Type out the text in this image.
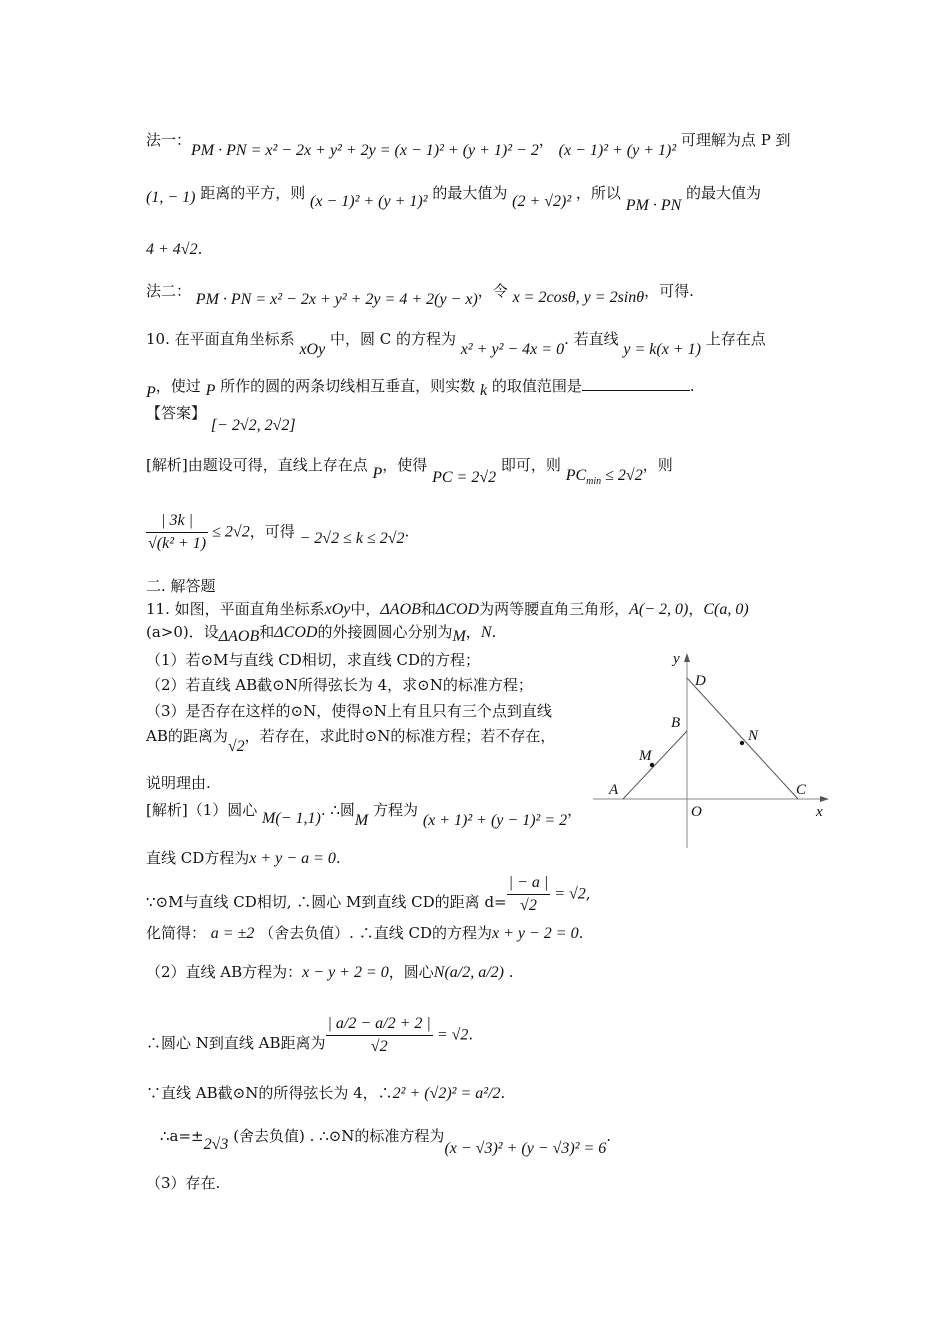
法一：PM · PN = x² − 2x + y² + 2y = (x − 1)² + (y + 1)² − 2， (x − 1)² + (y + 1)² 可理解为点 P 到
(1, − 1) 距离的平方，则 (x − 1)² + (y + 1)² 的最大值为 (2 + √2)² ，所以 PM · PN 的最大值为
4 + 4√2.
法二： PM · PN = x² − 2x + y² + 2y = 4 + 2(y − x)，令 x = 2cosθ, y = 2sinθ，可得.
10. 在平面直角坐标系 xOy 中，圆 C 的方程为 x² + y² − 4x = 0. 若直线 y = k(x + 1) 上存在点
P，使过 P 所作的圆的两条切线相互垂直，则实数 k 的取值范围是	.
【答案】 [− 2√2, 2√2]
[解析]由题设可得，直线上存在点 P，使得 PC = 2√2 即可，则 $PC_{min} \le 2√2$，则
$\frac{| 3k |}{\text{√(k² + 1)}} \le 2√2$，可得 − 2√2 ≤ k ≤ 2√2.
二. 解答题
11. 如图，平面直角坐标系xOy中，ΔAOB和ΔCOD为两等腰直角三角形，A(− 2, 0)，C(a, 0)
(a>0)．设ΔAOB和ΔCOD的外接圆圆心分别为M，N.
（1）若⊙M与直线 CD相切，求直线 CD的方程；
（2）若直线 AB截⊙N所得弦长为 4，求⊙N的标准方程；
（3）是否存在这样的⊙N，使得⊙N上有且只有三个点到直线
AB的距离为√2，若存在，求此时⊙N的标准方程；若不存在，
说明理由.
[解析]（1）圆心 M(− 1,1). ∴圆M 方程为 (x + 1)² + (y − 1)² = 2，
直线 CD方程为x + y − a = 0.
∵⊙M与直线 CD相切, ∴圆心 M到直线 CD的距离 $d= \frac{| - a |}{√2} = √2$,
化简得： a = ±2 （舍去负值）. ∴直线 CD的方程为x + y − 2 = 0.
（2）直线 AB方程为：x − y + 2 = 0，圆心N(a/2, a/2) .
∴圆心 N到直线 AB距离为 $\frac{| a/2 - a/2 + 2 |}{√2} = √2$.
∵直线 AB截⊙N的所得弦长为 4，∴2² + (√2)² = a²/2.
∴a=±2√3 (舍去负值) . ∴⊙N的标准方程为(x − √3)² + (y − √3)² = 6.
（3）存在.
y
x
D
B
N
M
A
O
C
